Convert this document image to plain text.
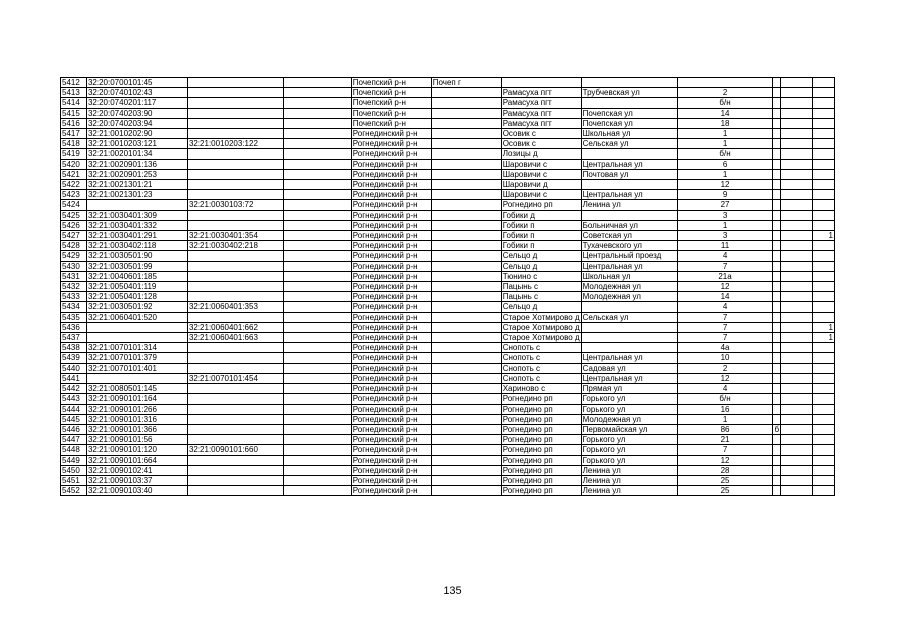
5412	32:20:0700101:45			Почепский р-н	Почеп г						
5413	32:20:0740102:43			Почепский р-н		Рамасуха пгт	Трубчевская ул	2			
5414	32:20:0740201:117			Почепский р-н		Рамасуха пгт		б/н			
5415	32:20:0740203:90			Почепский р-н		Рамасуха пгт	Почепская ул	14			
5416	32:20:0740203:94			Почепский р-н		Рамасуха пгт	Почепская ул	18			
5417	32:21:0010202:90			Рогнединский р-н		Осовик с	Школьная ул	1			
5418	32:21:0010203:121	32:21:0010203:122		Рогнединский р-н		Осовик с	Сельская ул	1			
5419	32:21:0020101:34			Рогнединский р-н		Лозицы д		б/н			
5420	32:21:0020901:136			Рогнединский р-н		Шаровичи с	Центральная ул	6			
5421	32:21:0020901:253			Рогнединский р-н		Шаровичи с	Почтовая ул	1			
5422	32:21:0021301:21			Рогнединский р-н		Шаровичи д		12			
5423	32:21:0021301:23			Рогнединский р-н		Шаровичи с	Центральная ул	9			
5424		32:21:0030103:72		Рогнединский р-н		Рогнедино рп	Ленина ул	27			
5425	32:21:0030401:309			Рогнединский р-н		Гобики д		3			
5426	32:21:0030401:332			Рогнединский р-н		Гобики п	Больничная ул	1			
5427	32:21:0030401:291	32:21:0030401:354		Рогнединский р-н		Гобики п	Советская ул	3			1
5428	32:21:0030402:118	32:21:0030402:218		Рогнединский р-н		Гобики п	Тухачевского ул	11			
5429	32:21:0030501:90			Рогнединский р-н		Сельцо д	Центральный проезд	4			
5430	32:21:0030501:99			Рогнединский р-н		Сельцо д	Центральная ул	7			
5431	32:21:0040601:185			Рогнединский р-н		Тюнино с	Школьная ул	21а			
5432	32:21:0050401:119			Рогнединский р-н		Пацынь с	Молодежная ул	12			
5433	32:21:0050401:128			Рогнединский р-н		Пацынь с	Молодежная ул	14			
5434	32:21:0030501:92	32:21:0060401:353		Рогнединский р-н		Сельцо д		4			
5435	32:21:0060401:520			Рогнединский р-н		Старое Хотмирово д	Сельская ул	7			
5436		32:21:0060401:662		Рогнединский р-н		Старое Хотмирово д		7			1
5437		32:21:0060401:663		Рогнединский р-н		Старое Хотмирово д		7			1
5438	32:21:0070101:314			Рогнединский р-н		Снопоть с		4а			
5439	32:21:0070101:379			Рогнединский р-н		Снопоть с	Центральная ул	10			
5440	32:21:0070101:401			Рогнединский р-н		Снопоть с	Садовая ул	2			
5441		32:21:0070101:454		Рогнединский р-н		Снопоть с	Центральная ул	12			
5442	32:21:0080501:145			Рогнединский р-н		Хариново с	Прямая ул	4			
5443	32:21:0090101:164			Рогнединский р-н		Рогнедино рп	Горького ул	б/н			
5444	32:21:0090101:266			Рогнединский р-н		Рогнедино рп	Горького ул	16			
5445	32:21:0090101:316			Рогнединский р-н		Рогнедино рп	Молодежная ул	1			
5446	32:21:0090101:366			Рогнединский р-н		Рогнедино рп	Первомайская ул	86	б		
5447	32:21:0090101:56			Рогнединский р-н		Рогнедино рп	Горького ул	21			
5448	32:21:0090101:120	32:21:0090101:660		Рогнединский р-н		Рогнедино рп	Горького ул	7			
5449	32:21:0090101:664			Рогнединский р-н		Рогнедино рп	Горького ул	12			
5450	32:21:0090102:41			Рогнединский р-н		Рогнедино рп	Ленина ул	28			
5451	32:21:0090103:37			Рогнединский р-н		Рогнедино рп	Ленина ул	25			
5452	32:21:0090103:40			Рогнединский р-н		Рогнедино рп	Ленина ул	25			
135
